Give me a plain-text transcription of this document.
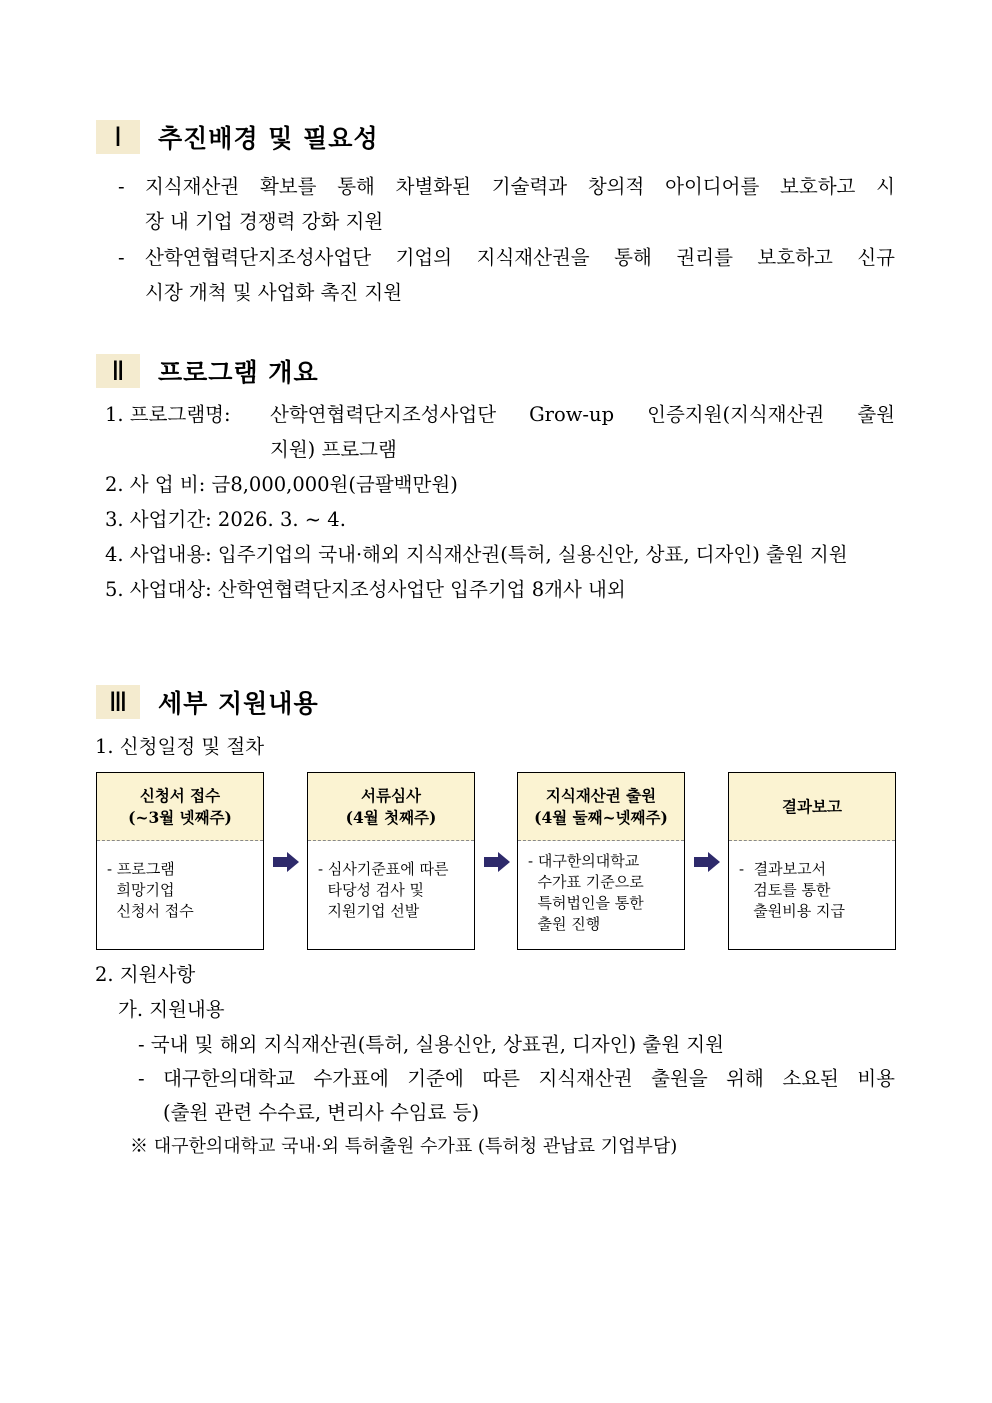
Ⅰ	추진배경 및 필요성
- 지식재산권 확보를 통해 차별화된 기술력과 창의적 아이디어를 보호하고 시
장 내 기업 경쟁력 강화 지원
- 산학연협력단지조성사업단 기업의 지식재산권을 통해 권리를 보호하고 신규
시장 개척 및 사업화 촉진 지원
Ⅱ	프로그램 개요
1. 프로그램명: 산학연협력단지조성사업단 Grow-up 인증지원(지식재산권 출원
지원) 프로그램
2. 사 업 비: 금8,000,000원(금팔백만원)
3. 사업기간: 2026. 3. ~ 4.
4. 사업내용: 입주기업의 국내·해외 지식재산권(특허, 실용신안, 상표, 디자인) 출원 지원
5. 사업대상: 산학연협력단지조성사업단 입주기업 8개사 내외
Ⅲ	세부 지원내용
1. 신청일정 및 절차
신청서 접수
(~3월 넷째주)
- 프로그램
희망기업
신청서 접수
서류심사
(4월 첫째주)
- 심사기준표에 따른
타당성 검사 및
지원기업 선발
지식재산권 출원
(4월 둘째~넷째주)
- 대구한의대학교
수가표 기준으로
특허법인을 통한
출원 진행
결과보고
-  결과보고서
검토를 통한
출원비용 지급
2. 지원사항
가. 지원내용
- 국내 및 해외 지식재산권(특허, 실용신안, 상표권, 디자인) 출원 지원
- 대구한의대학교 수가표에 기준에 따른 지식재산권 출원을 위해 소요된 비용
(출원 관련 수수료, 변리사 수임료 등)
※ 대구한의대학교 국내·외 특허출원 수가표 (특허청 관납료 기업부담)
